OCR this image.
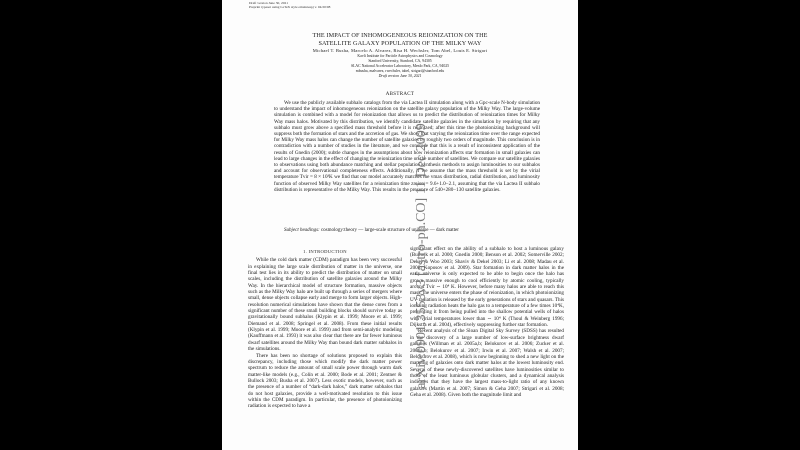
Draft version June 30, 2021
Preprint typeset using LaTeX style emulateapj v. 04/20/08
THE IMPACT OF INHOMOGENEOUS REIONIZATION ON THE
SATELLITE GALAXY POPULATION OF THE MILKY WAY
Michael T. Busha, Marcelo A. Alvarez, Risa H. Wechsler, Tom Abel, Louis E. Strigari
Kavli Institute for Particle Astrophysics and Cosmology
Stanford University, Stanford, CA, 94305
SLAC National Accelerator Laboratory, Menlo Park, CA, 94025
mbusha, malvarez, rwechsler, tabel, strigari@stanford.edu
Draft version June 30, 2021
ABSTRACT

We use the publicly available subhalo catalogs from the via Lactea II simulation along with a Gpc-scale N-body simulation to understand the impact of inhomogeneous reionization on the satellite galaxy population of the Milky Way. The large-volume simulation is combined with a model for reionization that allows us to predict the distribution of reionization times for Milky Way mass halos. Motivated by this distribution, we identify candidate satellite galaxies in the simulation by requiring that any subhalo must grow above a specified mass threshold before it is reionized; after this time the photoionizing background will suppress both the formation of stars and the accretion of gas. We show that varying the reionization time over the range expected for Milky Way mass halos can change the number of satellite galaxies by roughly two orders of magnitude. This conclusion is in contradiction with a number of studies in the literature, and we conclude that this is a result of inconsistent application of the results of Gnedin (2000); subtle changes in the assumptions about how reionization affects star formation in small galaxies can lead to large changes in the effect of changing the reionization time on the number of satellites. We compare our satellite galaxies to observations using both abundance matching and stellar population synthesis methods to assign luminosities to our subhalos and account for observational completeness effects. Additionally, if we assume that the mass threshold is set by the virial temperature Tvir = 8 × 10³K we find that our model accurately matches the vmax distribution, radial distribution, and luminosity function of observed Milky Way satellites for a reionization time zreion = 9.6+1.0−2.1, assuming that the via Lactea II subhalo distribution is representative of the Milky Way. This results in the presence of 540+280−130 satellite galaxies.

Subject headings: cosmology:theory — large-scale structure of universe — dark matter
1. INTRODUCTION

While the cold dark matter (CDM) paradigm has been very successful in explaining the large scale distribution of matter in the universe, one final test lies in its ability to predict the distribution of matter on small scales, including the distribution of satellite galaxies around the Milky Way. In the hierarchical model of structure formation, massive objects such as the Milky Way halo are built up through a series of mergers where small, dense objects collapse early and merge to form larger objects. High-resolution numerical simulations have shown that the dense cores from a significant number of these small building blocks should survive today as gravitationally bound subhalos (Klypin et al. 1999; Moore et al. 1999; Diemand et al. 2008; Springel et al. 2008). From these initial results (Klypin et al. 1999; Moore et al. 1999) and from semi-analytic modeling (Kauffmann et al. 1993) it was also clear that there are far fewer luminous dwarf satellites around the Milky Way than bound dark matter subhalos in the simulations.

There has been no shortage of solutions proposed to explain this discrepancy, including those which modify the dark matter power spectrum to reduce the amount of small scale power through warm dark matter-like models (e.g., Colín et al. 2000; Bode et al. 2001; Zentner & Bullock 2003; Busha et al. 2007). Less exotic models, however, such as the presence of a number of “dark-dark halos,” dark matter subhalos that do not host galaxies, provide a well-motivated resolution to this issue within the CDM paradigm. In particular, the presence of photoionizing radiation is expected to have a

significant effect on the ability of a subhalo to host a luminous galaxy (Bullock et al. 2000; Gnedin 2000; Benson et al. 2002; Somerville 2002; Dekel & Woo 2003; Shaviv & Dekel 2003; Li et al. 2008; Madau et al. 2008; Koposov et al. 2009). Star formation in dark matter halos in the early universe is only expected to be able to begin once the halo has grown massive enough to cool efficiently by atomic cooling, typically around Tvir ∼ 10⁴ K. However, before many halos are able to reach this mass, the universe enters the phase of reionization, in which photoionizing UV radiation is released by the early generations of stars and quasars. This ionizing radiation heats the halo gas to a temperature of a few times 10⁴K, preventing it from being pulled into the shallow potential wells of halos with virial temperatures lower than ∼ 10⁴ K (Thoul & Weinberg 1996; Dijkstra et al. 2004), effectively suppressing further star formation.

Recent analysis of the Sloan Digital Sky Survey (SDSS) has resulted in the discovery of a large number of low-surface brightness dwarf galaxies (Willman et al. 2005a,b; Belokurov et al. 2006; Zucker et al. 2006a,b; Belokurov et al. 2007; Irwin et al. 2007; Walsh et al. 2007; Belokurov et al. 2008), which is now beginning to shed a new light on the mapping of galaxies onto dark matter halos at the lowest luminosity end. Several of these newly-discovered satellites have luminosities similar to those of the least luminous globular clusters, and a dynamical analysis indicates that they have the largest mass-to-light ratio of any known galaxies (Martin et al. 2007; Simon & Geha 2007; Strigari et al. 2008; Geha et al. 2008). Given both the magnitude limit and

arXiv:0901.3553v3 [astro-ph.CO] 11 Dec 2009
